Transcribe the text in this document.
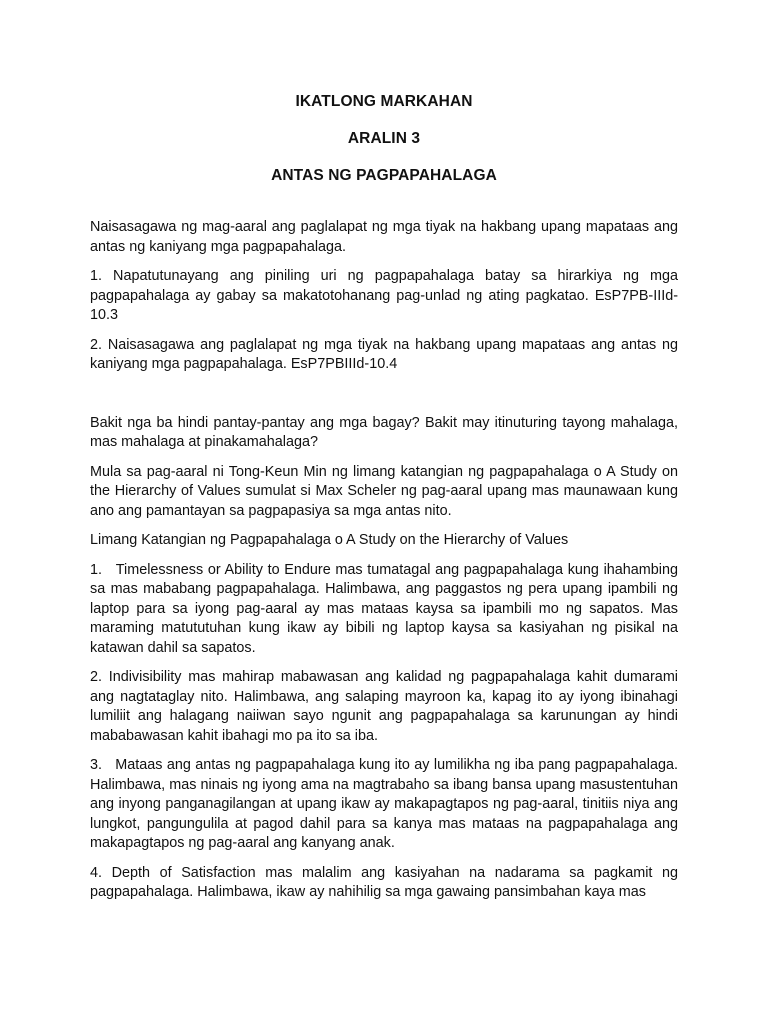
IKATLONG MARKAHAN
ARALIN 3
ANTAS NG PAGPAPAHALAGA

Naisasagawa ng mag-aaral ang paglalapat ng mga tiyak na hakbang upang mapataas ang antas ng kaniyang mga pagpapahalaga.

1. Napatutunayang ang piniling uri ng pagpapahalaga batay sa hirarkiya ng mga pagpapahalaga ay gabay sa makatotohanang pag-unlad ng ating pagkatao. EsP7PB-IIId-10.3

2. Naisasagawa ang paglalapat ng mga tiyak na hakbang upang mapataas ang antas ng kaniyang mga pagpapahalaga. EsP7PBIIId-10.4

Bakit nga ba hindi pantay-pantay ang mga bagay? Bakit may itinuturing tayong mahalaga, mas mahalaga at pinakamahalaga?

Mula sa pag-aaral ni Tong-Keun Min ng limang katangian ng pagpapahalaga o A Study on the Hierarchy of Values sumulat si Max Scheler ng pag-aaral upang mas maunawaan kung ano ang pamantayan sa pagpapasiya sa mga antas nito.

Limang Katangian ng Pagpapahalaga o A Study on the Hierarchy of Values

1.   Timelessness or Ability to Endure mas tumatagal ang pagpapahalaga kung ihahambing sa mas mababang pagpapahalaga. Halimbawa, ang paggastos ng pera upang ipambili ng laptop para sa iyong pag-aaral ay mas mataas kaysa sa ipambili mo ng sapatos. Mas maraming matututuhan kung ikaw ay bibili ng laptop kaysa sa kasiyahan ng pisikal na katawan dahil sa sapatos.

2. Indivisibility mas mahirap mabawasan ang kalidad ng pagpapahalaga kahit dumarami ang nagtataglay nito. Halimbawa, ang salaping mayroon ka, kapag ito ay iyong ibinahagi lumiliit ang halagang naiiwan sayo ngunit ang pagpapahalaga sa karunungan ay hindi mababawasan kahit ibahagi mo pa ito sa iba.

3.   Mataas ang antas ng pagpapahalaga kung ito ay lumilikha ng iba pang pagpapahalaga. Halimbawa, mas ninais ng iyong ama na magtrabaho sa ibang bansa upang masustentuhan ang inyong panganagilangan at upang ikaw ay makapagtapos ng pag-aaral, tinitiis niya ang lungkot, pangungulila at pagod dahil para sa kanya mas mataas na pagpapahalaga ang makapagtapos ng pag-aaral ang kanyang anak.

4. Depth of Satisfaction mas malalim ang kasiyahan na nadarama sa pagkamit ng pagpapahalaga. Halimbawa, ikaw ay nahihilig sa mga gawaing pansimbahan kaya mas
